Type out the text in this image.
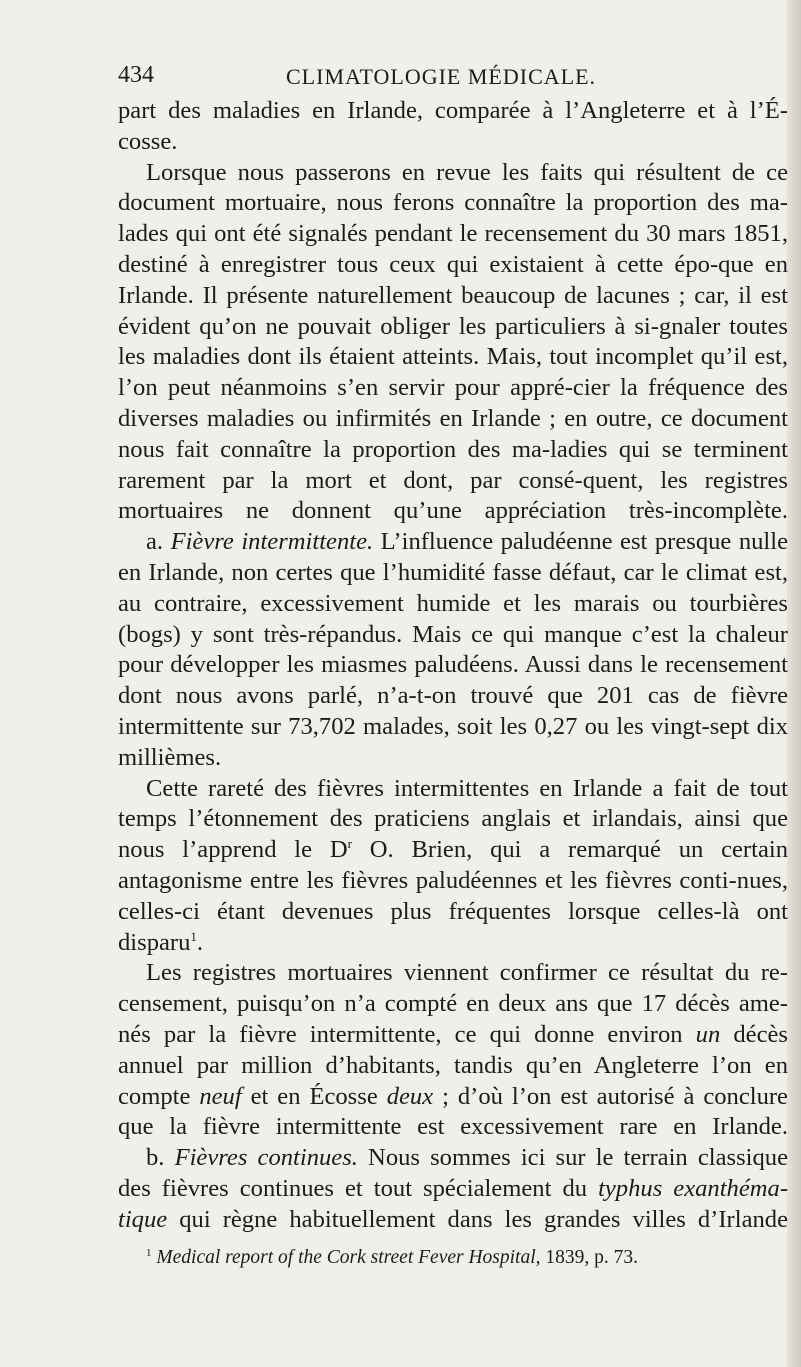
434	CLIMATOLOGIE MÉDICALE.

part des maladies en Irlande, comparée à l’Angleterre et à l’É-cosse.

Lorsque nous passerons en revue les faits qui résultent de ce document mortuaire, nous ferons connaître la proportion des ma-lades qui ont été signalés pendant le recensement du 30 mars 1851, destiné à enregistrer tous ceux qui existaient à cette épo-que en Irlande. Il présente naturellement beaucoup de lacunes ; car, il est évident qu’on ne pouvait obliger les particuliers à si-gnaler toutes les maladies dont ils étaient atteints. Mais, tout incomplet qu’il est, l’on peut néanmoins s’en servir pour appré-cier la fréquence des diverses maladies ou infirmités en Irlande ; en outre, ce document nous fait connaître la proportion des ma-ladies qui se terminent rarement par la mort et dont, par consé-quent, les registres mortuaires ne donnent qu’une appréciation très-incomplète.

a. Fièvre intermittente. L’influence paludéenne est presque nulle en Irlande, non certes que l’humidité fasse défaut, car le climat est, au contraire, excessivement humide et les marais ou tourbières (bogs) y sont très-répandus. Mais ce qui manque c’est la chaleur pour développer les miasmes paludéens. Aussi dans le recensement dont nous avons parlé, n’a-t-on trouvé que 201 cas de fièvre intermittente sur 73,702 malades, soit les 0,27 ou les vingt-sept dix millièmes.

Cette rareté des fièvres intermittentes en Irlande a fait de tout temps l’étonnement des praticiens anglais et irlandais, ainsi que nous l’apprend le $D^r$ O. Brien, qui a remarqué un certain antagonisme entre les fièvres paludéennes et les fièvres conti-nues, celles-ci étant devenues plus fréquentes lorsque celles-là ont disparu$^1$.

Les registres mortuaires viennent confirmer ce résultat du re-censement, puisqu’on n’a compté en deux ans que 17 décès ame-nés par la fièvre intermittente, ce qui donne environ un décès annuel par million d’habitants, tandis qu’en Angleterre l’on en compte neuf et en Écosse deux ; d’où l’on est autorisé à conclure que la fièvre intermittente est excessivement rare en Irlande.

b. Fièvres continues. Nous sommes ici sur le terrain classique des fièvres continues et tout spécialement du typhus exanthéma-tique qui règne habituellement dans les grandes villes d’Irlande

$^1$ Medical report of the Cork street Fever Hospital, 1839, p. 73.
